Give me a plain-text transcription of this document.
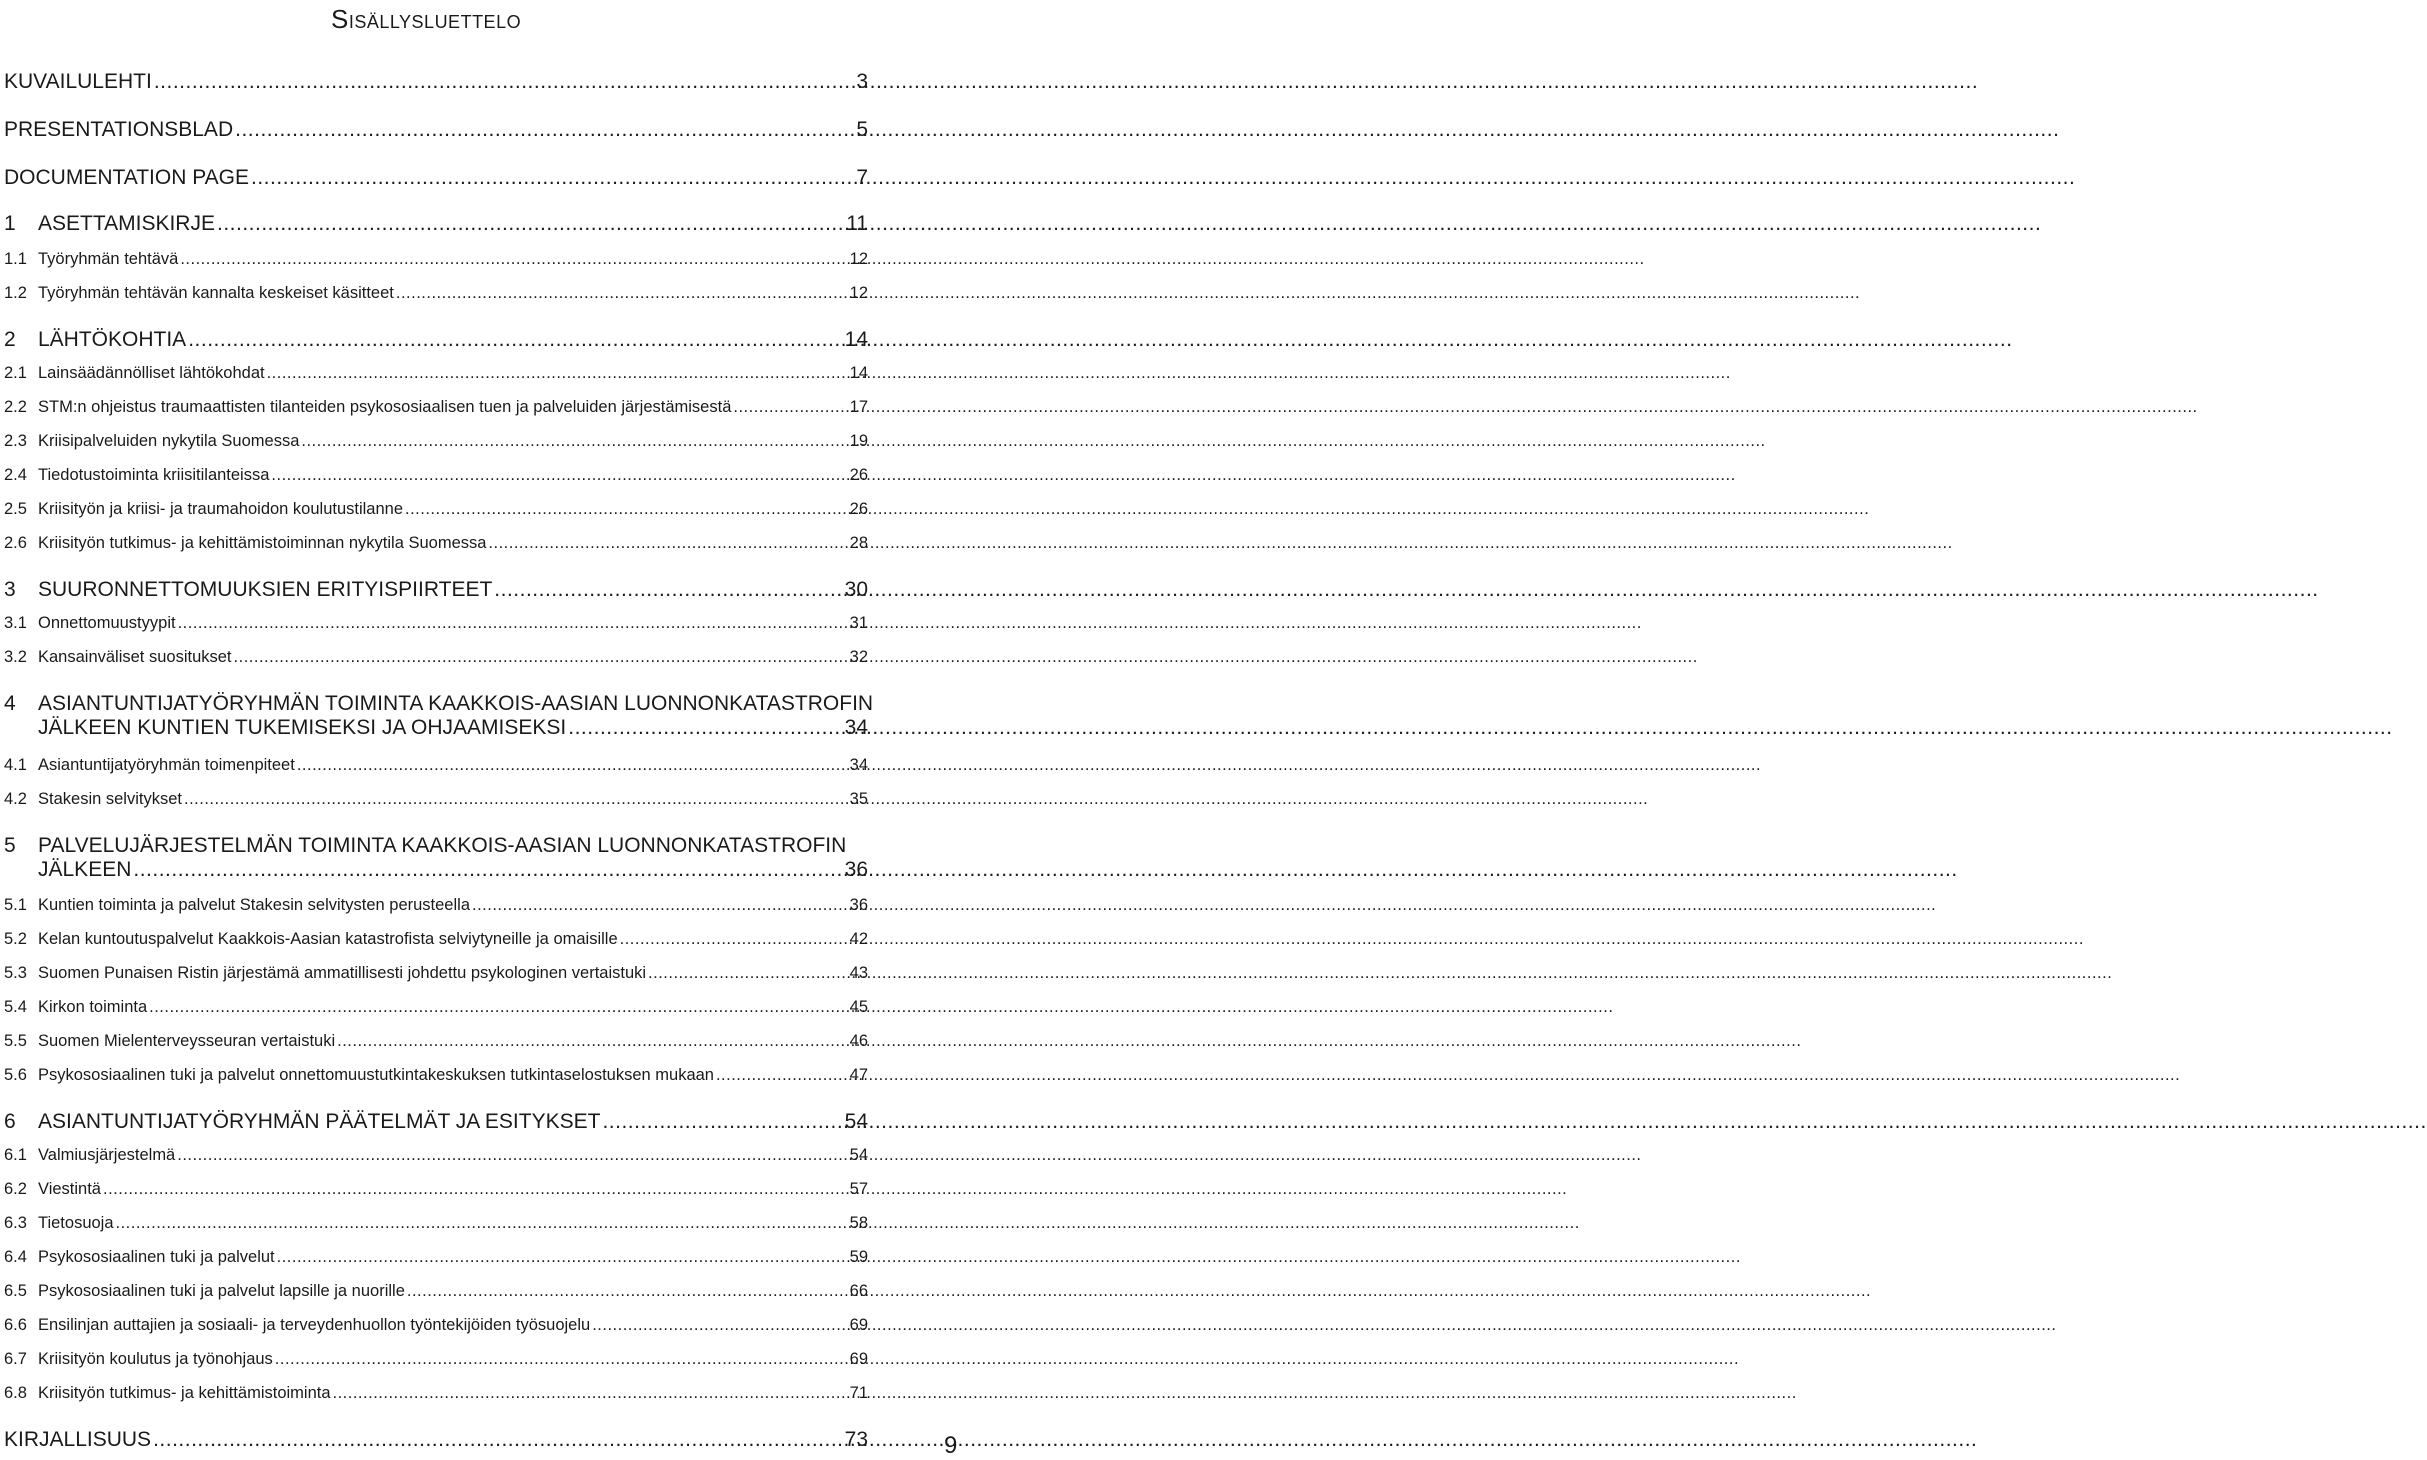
Sisällysluettelo
KUVAILULEHTI .....	3
PRESENTATIONSBLAD .....	5
DOCUMENTATION PAGE .....	7
1	ASETTAMISKIRJE .....	11
1.1 Työryhmän tehtävä .....	12
1.2 Työryhmän tehtävän kannalta keskeiset käsitteet .....	12
2	LÄHTÖKOHTIA .....	14
2.1 Lainsäädännölliset lähtökohdat .....	14
2.2 STM:n ohjeistus traumaattisten tilanteiden psykososiaalisen tuen ja palveluiden järjestämisestä .....	17
2.3 Kriisipalveluiden nykytila Suomessa .....	19
2.4 Tiedotustoiminta kriisitilanteissa .....	26
2.5 Kriisityön ja kriisi- ja traumahoidon koulutustilanne .....	26
2.6 Kriisityön tutkimus- ja kehittämistoiminnan nykytila Suomessa .....	28
3	SUURONNETTOMUUKSIEN ERITYISPIIRTEET .....	30
3.1 Onnettomuustyypit .....	31
3.2 Kansainväliset suositukset .....	32
4	ASIANTUNTIJATYÖRYHMÄN TOIMINTA KAAKKOIS-AASIAN LUONNONKATASTROFIN
JÄLKEEN KUNTIEN TUKEMISEKSI JA OHJAAMISEKSI .....	34
4.1 Asiantuntijatyöryhmän toimenpiteet .....	34
4.2 Stakesin selvitykset .....	35
5	PALVELUJÄRJESTELMÄN TOIMINTA KAAKKOIS-AASIAN LUONNONKATASTROFIN
JÄLKEEN .....	36
5.1 Kuntien toiminta ja palvelut Stakesin selvitysten perusteella .....	36
5.2 Kelan kuntoutuspalvelut Kaakkois-Aasian katastrofista selviytyneille ja omaisille .....	42
5.3 Suomen Punaisen Ristin järjestämä ammatillisesti johdettu psykologinen vertaistuki .....	43
5.4 Kirkon toiminta .....	45
5.5 Suomen Mielenterveysseuran vertaistuki .....	46
5.6 Psykososiaalinen tuki ja palvelut onnettomuustutkintakeskuksen tutkintaselostuksen mukaan .....	47
6	ASIANTUNTIJATYÖRYHMÄN PÄÄTELMÄT JA ESITYKSET .....	54
6.1 Valmiusjärjestelmä .....	54
6.2 Viestintä .....	57
6.3 Tietosuoja .....	58
6.4 Psykososiaalinen tuki ja palvelut .....	59
6.5 Psykososiaalinen tuki ja palvelut lapsille ja nuorille .....	66
6.6 Ensilinjan auttajien ja sosiaali- ja terveydenhuollon työntekijöiden työsuojelu .....	69
6.7 Kriisityön koulutus ja työnohjaus .....	69
6.8 Kriisityön tutkimus- ja kehittämistoiminta .....	71
KIRJALLISUUS .....	73	9
